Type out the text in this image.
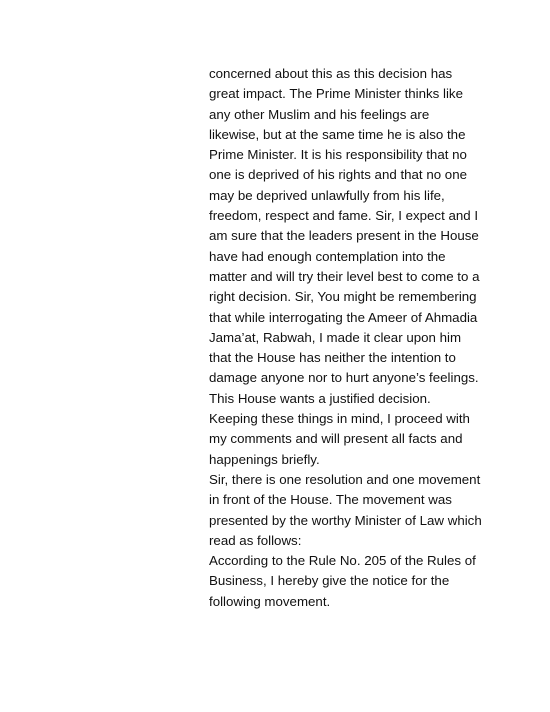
concerned about this as this decision has
great impact. The Prime Minister thinks like
any other Muslim and his feelings are
likewise, but at the same time he is also the
Prime Minister. It is his responsibility that no
one is deprived of his rights and that no one
may be deprived unlawfully from his life,
freedom, respect and fame. Sir, I expect and I
am sure that the leaders present in the House
have had enough contemplation into the
matter and will try their level best to come to a
right decision. Sir, You might be remembering
that while interrogating the Ameer of Ahmadia
Jama’at, Rabwah, I made it clear upon him
that the House has neither the intention to
damage anyone nor to hurt anyone’s feelings.
This House wants a justified decision.
Keeping these things in mind, I proceed with
my comments and will present all facts and
happenings briefly.
Sir, there is one resolution and one movement
in front of the House. The movement was
presented by the worthy Minister of Law which
read as follows:
According to the Rule No. 205 of the Rules of
Business, I hereby give the notice for the
following movement.
